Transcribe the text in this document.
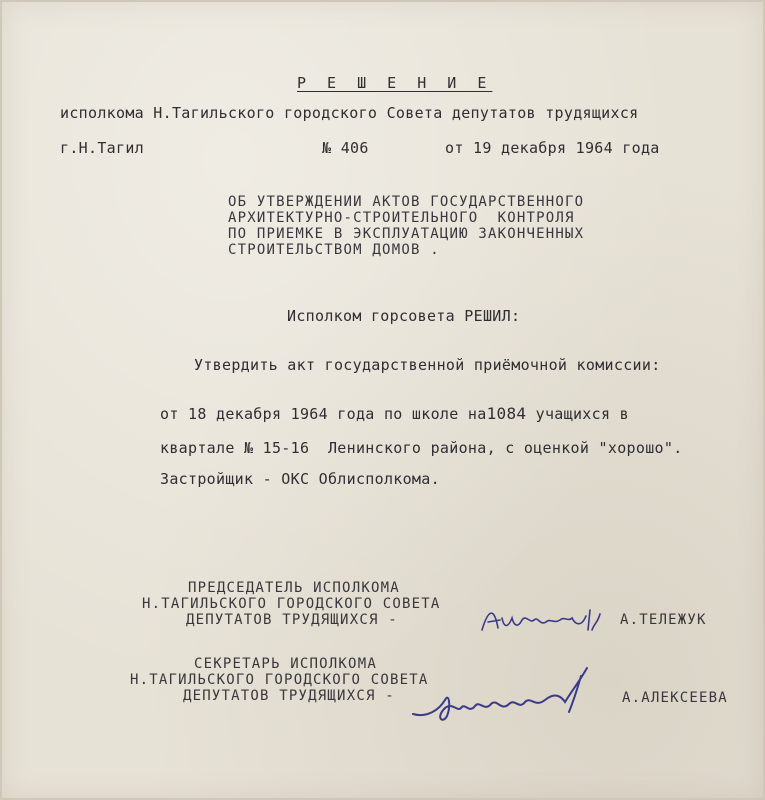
Р Е Ш Е Н И Е

исполкома Н.Тагильского городского Совета депутатов трудящихся

г.Н.Тагил	№ 406	от 19 декабря 1964 года

ОБ УТВЕРЖДЕНИИ АКТОВ ГОСУДАРСТВЕННОГО

АРХИТЕКТУРНО-СТРОИТЕЛЬНОГО  КОНТРОЛЯ

ПО ПРИЕМКЕ В ЭКСПЛУАТАЦИЮ ЗАКОНЧЕННЫХ

СТРОИТЕЛЬСТВОМ ДОМОВ .

Исполком горсовета РЕШИЛ:

Утвердить акт государственной приёмочной комиссии:

от 18 декабря 1964 года по школе на1084 учащихся в

квартале № 15-16  Ленинского района, с оценкой "хорошо".

Застройщик - ОКС Облисполкома.

ПРЕДСЕДАТЕЛЬ ИСПОЛКОМА

Н.ТАГИЛЬСКОГО ГОРОДСКОГО СОВЕТА

ДЕПУТАТОВ ТРУДЯЩИХСЯ -	А.ТЕЛЕЖУК

СЕКРЕТАРЬ ИСПОЛКОМА

Н.ТАГИЛЬСКОГО ГОРОДСКОГО СОВЕТА

ДЕПУТАТОВ ТРУДЯЩИХСЯ -	А.АЛЕКСЕЕВА
